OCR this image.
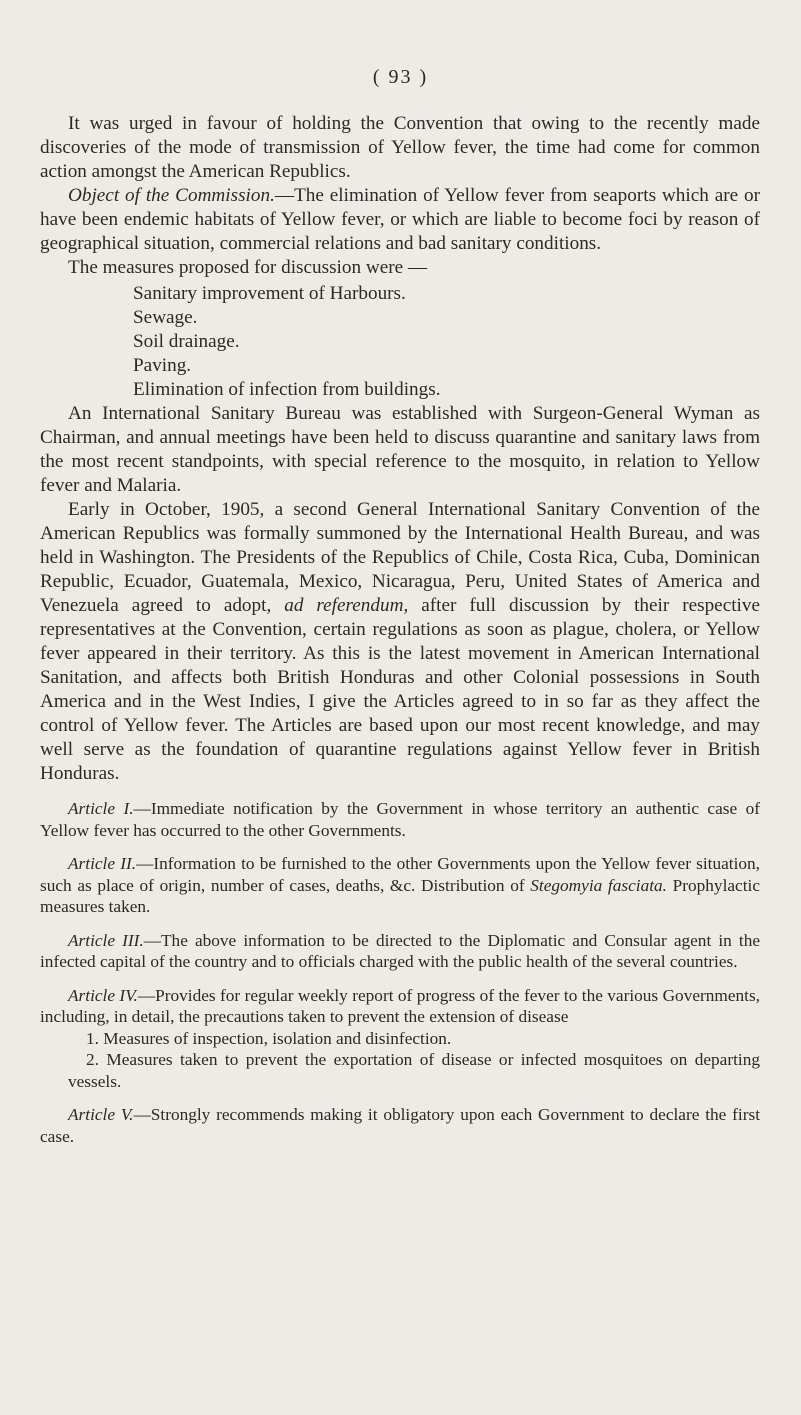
( 93 )

It was urged in favour of holding the Convention that owing to the recently made discoveries of the mode of transmission of Yellow fever, the time had come for common action amongst the American Republics.

Object of the Commission.—The elimination of Yellow fever from seaports which are or have been endemic habitats of Yellow fever, or which are liable to become foci by reason of geographical situation, commercial relations and bad sanitary conditions.

The measures proposed for discussion were —

Sanitary improvement of Harbours.
Sewage.
Soil drainage.
Paving.
Elimination of infection from buildings.

An International Sanitary Bureau was established with Surgeon-General Wyman as Chairman, and annual meetings have been held to discuss quarantine and sanitary laws from the most recent standpoints, with special reference to the mosquito, in relation to Yellow fever and Malaria.

Early in October, 1905, a second General International Sanitary Convention of the American Republics was formally summoned by the International Health Bureau, and was held in Washington. The Presidents of the Republics of Chile, Costa Rica, Cuba, Dominican Republic, Ecuador, Guatemala, Mexico, Nicaragua, Peru, United States of America and Venezuela agreed to adopt, ad referendum, after full discussion by their respective representatives at the Convention, certain regulations as soon as plague, cholera, or Yellow fever appeared in their territory. As this is the latest movement in American International Sanitation, and affects both British Honduras and other Colonial possessions in South America and in the West Indies, I give the Articles agreed to in so far as they affect the control of Yellow fever. The Articles are based upon our most recent knowledge, and may well serve as the foundation of quarantine regulations against Yellow fever in British Honduras.

Article I.—Immediate notification by the Government in whose territory an authentic case of Yellow fever has occurred to the other Governments.

Article II.—Information to be furnished to the other Governments upon the Yellow fever situation, such as place of origin, number of cases, deaths, &c. Distribution of Stegomyia fasciata. Prophylactic measures taken.

Article III.—The above information to be directed to the Diplomatic and Consular agent in the infected capital of the country and to officials charged with the public health of the several countries.

Article IV.—Provides for regular weekly report of progress of the fever to the various Governments, including, in detail, the precautions taken to prevent the extension of disease

1. Measures of inspection, isolation and disinfection.

2. Measures taken to prevent the exportation of disease or infected mosquitoes on departing vessels.

Article V.—Strongly recommends making it obligatory upon each Government to declare the first case.
